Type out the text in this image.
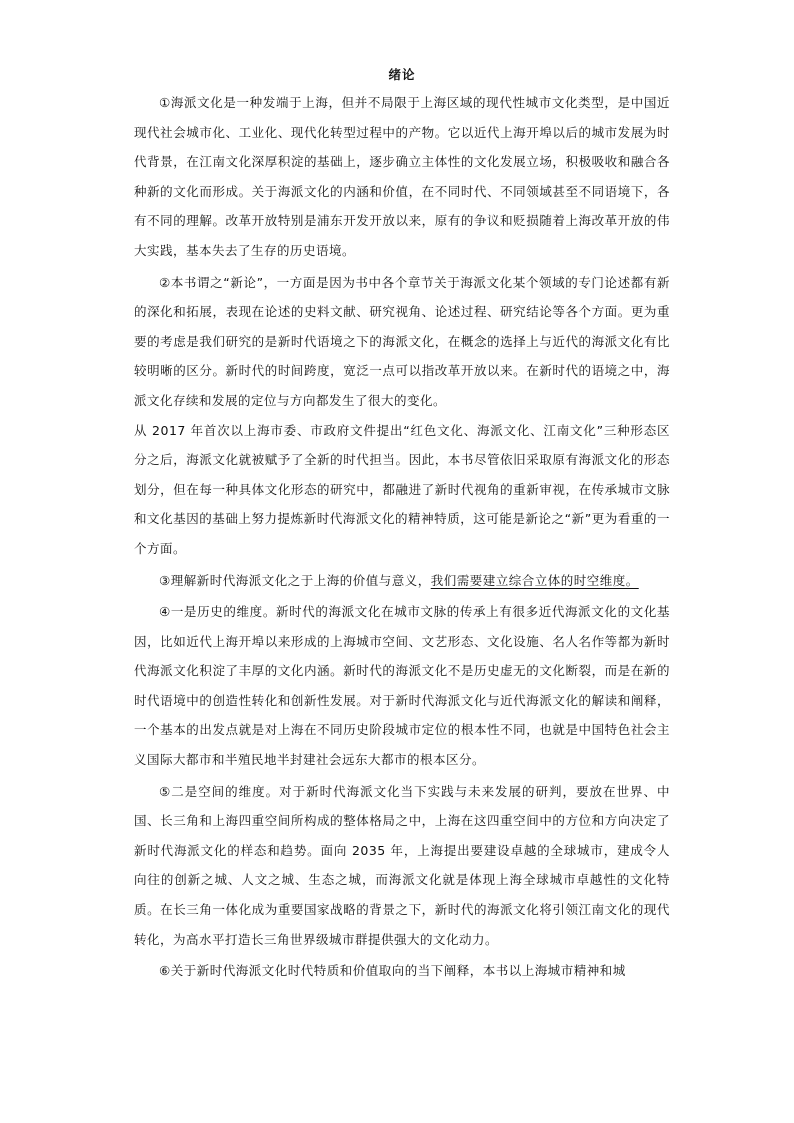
绪论

①海派文化是一种发端于上海，但并不局限于上海区域的现代性城市文化类型，是中国近现代社会城市化、工业化、现代化转型过程中的产物。它以近代上海开埠以后的城市发展为时代背景，在江南文化深厚积淀的基础上，逐步确立主体性的文化发展立场，积极吸收和融合各种新的文化而形成。关于海派文化的内涵和价值，在不同时代、不同领域甚至不同语境下，各有不同的理解。改革开放特别是浦东开发开放以来，原有的争议和贬损随着上海改革开放的伟大实践，基本失去了生存的历史语境。

②本书谓之“新论”，一方面是因为书中各个章节关于海派文化某个领域的专门论述都有新的深化和拓展，表现在论述的史料文献、研究视角、论述过程、研究结论等各个方面。更为重要的考虑是我们研究的是新时代语境之下的海派文化，在概念的选择上与近代的海派文化有比较明晰的区分。新时代的时间跨度，宽泛一点可以指改革开放以来。在新时代的语境之中，海派文化存续和发展的定位与方向都发生了很大的变化。

从 2017 年首次以上海市委、市政府文件提出“红色文化、海派文化、江南文化”三种形态区分之后，海派文化就被赋予了全新的时代担当。因此，本书尽管依旧采取原有海派文化的形态划分，但在每一种具体文化形态的研究中，都融进了新时代视角的重新审视，在传承城市文脉和文化基因的基础上努力提炼新时代海派文化的精神特质，这可能是新论之“新”更为看重的一个方面。

③理解新时代海派文化之于上海的价值与意义，我们需要建立综合立体的时空维度。

④一是历史的维度。新时代的海派文化在城市文脉的传承上有很多近代海派文化的文化基因，比如近代上海开埠以来形成的上海城市空间、文艺形态、文化设施、名人名作等都为新时代海派文化积淀了丰厚的文化内涵。新时代的海派文化不是历史虚无的文化断裂，而是在新的时代语境中的创造性转化和创新性发展。对于新时代海派文化与近代海派文化的解读和阐释，一个基本的出发点就是对上海在不同历史阶段城市定位的根本性不同，也就是中国特色社会主义国际大都市和半殖民地半封建社会远东大都市的根本区分。

⑤二是空间的维度。对于新时代海派文化当下实践与未来发展的研判，要放在世界、中国、长三角和上海四重空间所构成的整体格局之中，上海在这四重空间中的方位和方向决定了新时代海派文化的样态和趋势。面向 2035 年，上海提出要建设卓越的全球城市，建成令人向往的创新之城、人文之城、生态之城，而海派文化就是体现上海全球城市卓越性的文化特质。在长三角一体化成为重要国家战略的背景之下，新时代的海派文化将引领江南文化的现代转化，为高水平打造长三角世界级城市群提供强大的文化动力。

⑥关于新时代海派文化时代特质和价值取向的当下阐释，本书以上海城市精神和城
